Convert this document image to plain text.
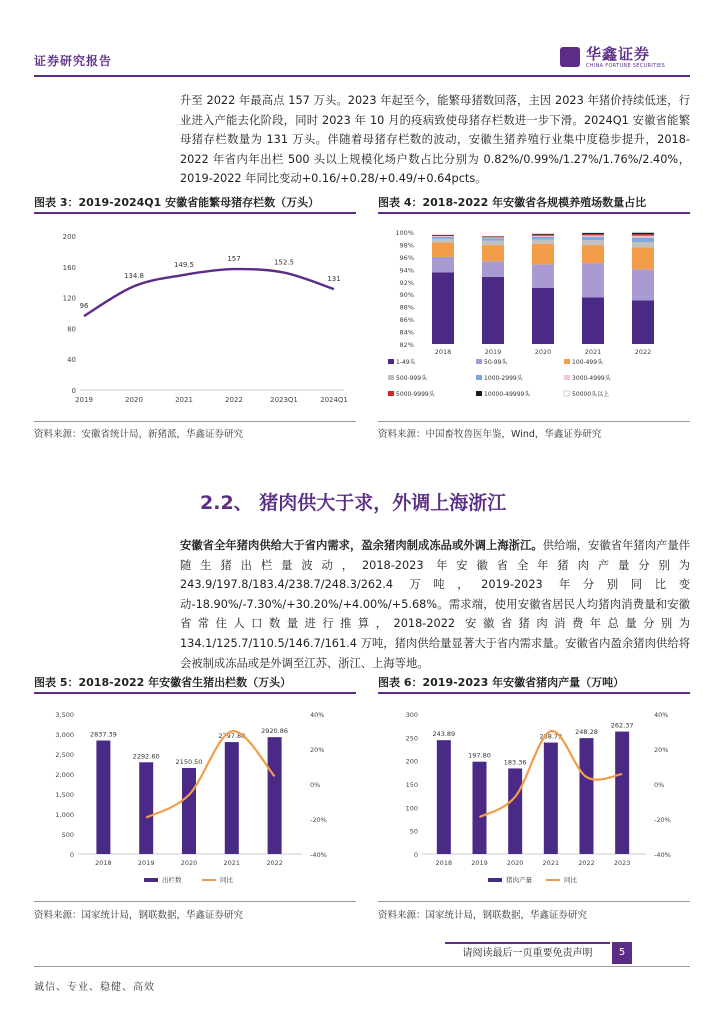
证券研究报告	华鑫证券
CHINA FORTUNE SECURITIES
升至 2022 年最高点 157 万头。2023 年起至今，能繁母猪数回落，主因 2023 年猪价持续低迷，行业进入产能去化阶段，同时 2023 年 10 月的疫病致使母猪存栏数进一步下滑。2024Q1 安徽省能繁母猪存栏数量为 131 万头。伴随着母猪存栏数的波动，安徽生猪养殖行业集中度稳步提升，2018-2022 年省内年出栏 500 头以上规模化场户数占比分别为 0.82%/0.99%/1.27%/1.76%/2.40%，2019-2022 年同比变动+0.16/+0.28/+0.49/+0.64pcts。
图表 3：2019-2024Q1 安徽省能繁母猪存栏数（万头）
0
40
80
120
160
200
96
2019
134.8
2020
149.5
2021
157
2022
152.5
2023Q1
131
2024Q1
资料来源：安徽省统计局，新猪派，华鑫证券研究
图表 4：2018-2022 年安徽省各规模养殖场数量占比
82%
84%
86%
88%
90%
92%
94%
96%
98%
100%
2018	2019	2020	2021	2022
1-49头	50-99头	100-499头
500-999头	1000-2999头	3000-4999头
5000-9999头	10000-49999头	50000头以上
资料来源：中国畜牧兽医年鉴，Wind，华鑫证券研究
2.2、 猪肉供大于求，外调上海浙江
安徽省全年猪肉供给大于省内需求，盈余猪肉制成冻品或外调上海浙江。供给端，安徽省年猪肉产量伴随生猪出栏量波动，2018-2023 年安徽省全年猪肉产量分别为 243.9/197.8/183.4/238.7/248.3/262.4 万吨，2019-2023 年分别同比变动-18.90%/-7.30%/+30.20%/+4.00%/+5.68%。需求端，使用安徽省居民人均猪肉消费量和安徽省常住人口数量进行推算，2018-2022 安徽省猪肉消费年总量分别为 134.1/125.7/110.5/146.7/161.4 万吨，猪肉供给量显著大于省内需求量。安徽省内盈余猪肉供给将会被制成冻品或是外调至江苏、浙江、上海等地。
图表 5：2018-2022 年安徽省生猪出栏数（万头）
0
500
1,000
1,500
2,000
2,500
3,000
3,500
-40%
-20%
0%
20%
40%
2837.39
2018
2292.60
2019
2150.50
2020
2797.80
2021
2920.86
2022
出栏数	同比
资料来源：国家统计局，钢联数据，华鑫证券研究
图表 6：2019-2023 年安徽省猪肉产量（万吨）
0
50
100
150
200
250
300
-40%
-20%
0%
20%
40%
243.89
2018
197.80
2019
183.36
2020
238.73
2021
248.28
2022
262.37
2023
猪肉产量	同比
资料来源：国家统计局，钢联数据，华鑫证券研究
请阅读最后一页重要免责声明	5
诚信、专业、稳健、高效
